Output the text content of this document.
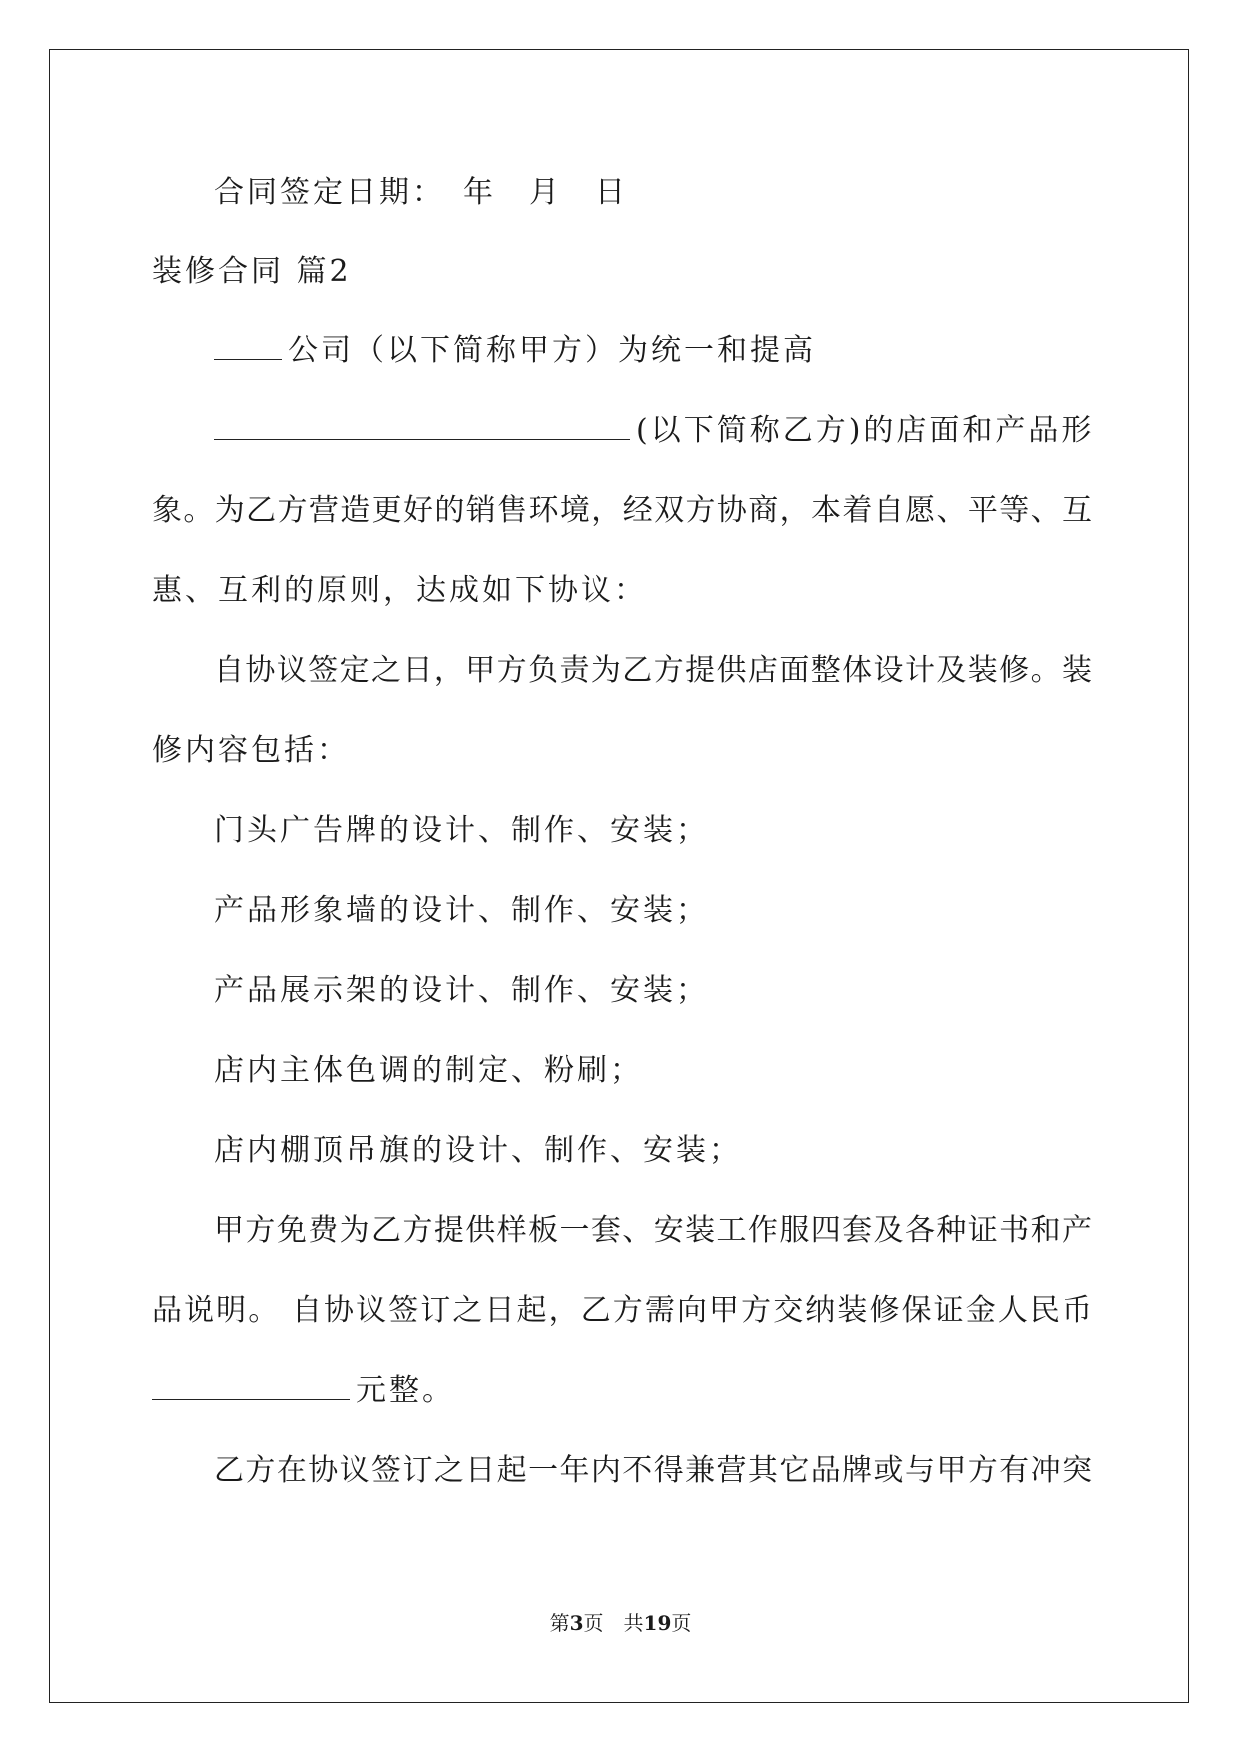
合同签定日期：　年　月　日
装修合同 篇2
公司（以下简称甲方）为统一和提高
(以下简称乙方)的店面和产品形
象。为乙方营造更好的销售环境，经双方协商，本着自愿、平等、互
惠、互利的原则，达成如下协议：
自协议签定之日，甲方负责为乙方提供店面整体设计及装修。装
修内容包括：
门头广告牌的设计、制作、安装；
产品形象墙的设计、制作、安装；
产品展示架的设计、制作、安装；
店内主体色调的制定、粉刷；
店内棚顶吊旗的设计、制作、安装；
甲方免费为乙方提供样板一套、安装工作服四套及各种证书和产
品说明。 自协议签订之日起，乙方需向甲方交纳装修保证金人民币
元整。
乙方在协议签订之日起一年内不得兼营其它品牌或与甲方有冲突
第3页　共19页
